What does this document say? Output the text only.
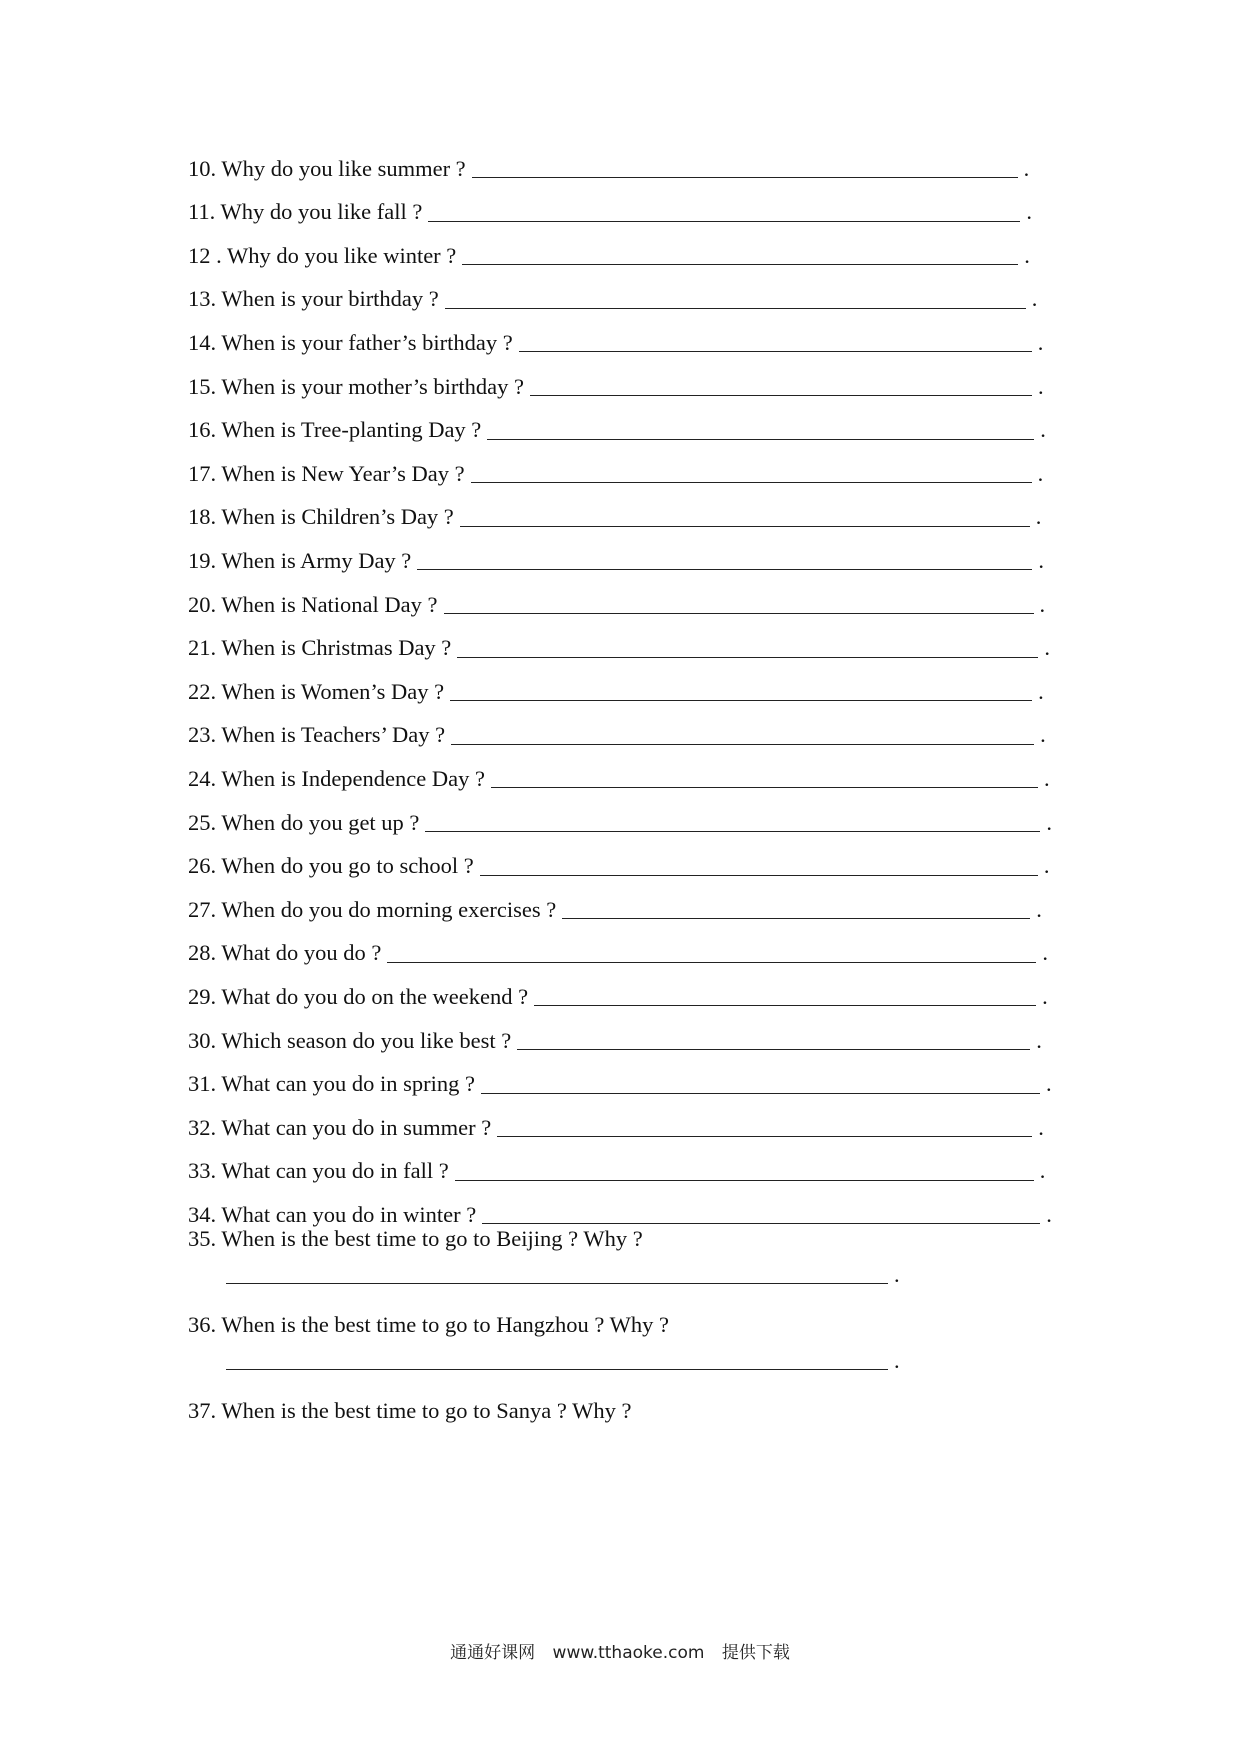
10. Why do you like summer ?	.
11. Why do you like fall ?	.
12 . Why do you like winter ?	.
13. When is your birthday ?	.
14. When is your father’s birthday ?	.
15. When is your mother’s birthday ?	.
16. When is Tree-planting Day ?	.
17. When is New Year’s Day ?	.
18. When is Children’s Day ?	.
19. When is Army Day ?	.
20. When is National Day ?	.
21. When is Christmas Day ?	.
22. When is Women’s Day ?	.
23. When is Teachers’ Day ?	.
24. When is Independence Day ?	.
25. When do you get up ?	.
26. When do you go to school ?	.
27. When do you do morning exercises ?	.
28. What do you do ?	.
29. What do you do on the weekend ?	.
30. Which season do you like best ?	.
31. What can you do in spring ?	.
32. What can you do in summer ?	.
33. What can you do in fall ?	.
34. What can you do in winter ?	.
35. When is the best time to go to Beijing ? Why ?
.
36. When is the best time to go to Hangzhou ? Why ?
.
37. When is the best time to go to Sanya ? Why ?
通通好课网 www.tthaoke.com 提供下载
